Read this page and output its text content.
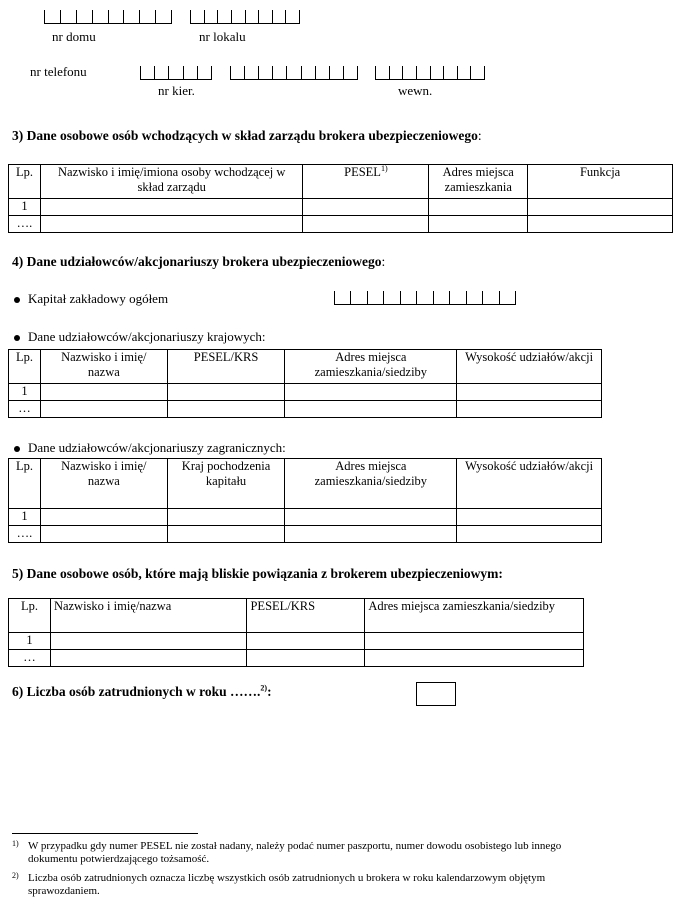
nr domu	nr lokalu
nr telefonu
nr kier.	wewn.
3) Dane osobowe osób wchodzących w skład zarządu brokera ubezpieczeniowego:
Lp.	Nazwisko i imię/imiona osoby wchodzącej w skład zarządu	PESEL$^{1)}$	Adres miejsca zamieszkania	Funkcja
1				
….				
4) Dane udziałowców/akcjonariuszy brokera ubezpieczeniowego:
Kapitał zakładowy ogółem
Dane udziałowców/akcjonariuszy krajowych:
Lp.	Nazwisko i imię/ nazwa	PESEL/KRS	Adres miejsca zamieszkania/siedziby	Wysokość udziałów/akcji
1				
…				
Dane udziałowców/akcjonariuszy zagranicznych:
Lp.	Nazwisko i imię/ nazwa	Kraj pochodzenia kapitału	Adres miejsca zamieszkania/siedziby	Wysokość udziałów/akcji
1				
….				
5) Dane osobowe osób, które mają bliskie powiązania z brokerem ubezpieczeniowym:
Lp.	Nazwisko i imię/nazwa	PESEL/KRS	Adres miejsca zamieszkania/siedziby
1			
…			
6) Liczba osób zatrudnionych w roku …….$^{2)}$:
1) W przypadku gdy numer PESEL nie został nadany, należy podać numer paszportu, numer dowodu osobistego lub innego dokumentu potwierdzającego tożsamość.
2) Liczba osób zatrudnionych oznacza liczbę wszystkich osób zatrudnionych u brokera w roku kalendarzowym objętym sprawozdaniem.
